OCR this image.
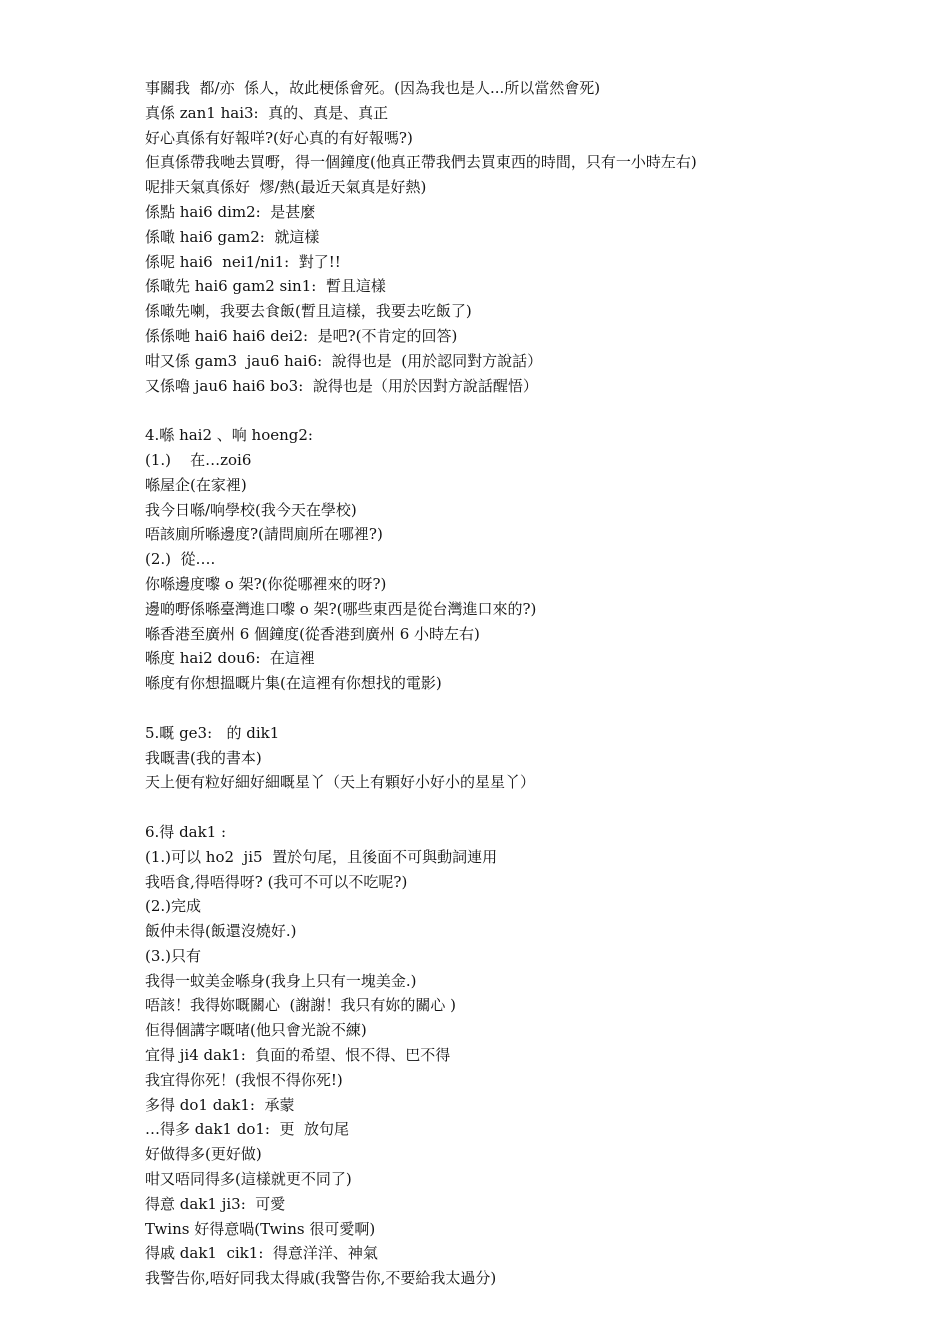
事關我  都/亦  係人，故此梗係會死。(因為我也是人...所以當然會死)
真係 zan1 hai3:  真的、真是、真正
好心真係有好報咩?(好心真的有好報嗎?)
佢真係帶我哋去買嘢，得一個鐘度(他真正帶我們去買東西的時間，只有一小時左右)
呢排天氣真係好  熮/熱(最近天氣真是好熱)
係點 hai6 dim2:  是甚麼
係噉 hai6 gam2:  就這樣
係呢 hai6  nei1/ni1:  對了!!
係噉先 hai6 gam2 sin1:  暫且這樣
係噉先喇，我要去食飯(暫且這樣，我要去吃飯了)
係係哋 hai6 hai6 dei2:  是吧?(不肯定的回答)
咁又係 gam3  jau6 hai6:  說得也是  (用於認同對方說話）
又係嚕 jau6 hai6 bo3:  說得也是（用於因對方說話醒悟）
4.喺 hai2 、响 hoeng2:
(1.)    在…zoi6
喺屋企(在家裡)
我今日喺/响學校(我今天在學校)
唔該廁所喺邊度?(請問廁所在哪裡?)
(2.)  從….
你喺邊度嚟 o 架?(你從哪裡來的呀?)
邊啲嘢係喺臺灣進口嚟 o 架?(哪些東西是從台灣進口來的?)
喺香港至廣州 6 個鐘度(從香港到廣州 6 小時左右)
喺度 hai2 dou6:  在這裡
喺度有你想搵嘅片集(在這裡有你想找的電影)
5.嘅 ge3:   的 dik1
我嘅書(我的書本)
天上便有粒好細好細嘅星丫（天上有顆好小好小的星星丫）
6.得 dak1 :
(1.)可以 ho2  ji5  置於句尾，且後面不可與動詞連用
我唔食,得唔得呀? (我可不可以不吃呢?)
(2.)完成
飯仲未得(飯還沒燒好.)
(3.)只有
我得一蚊美金喺身(我身上只有一塊美金.)
唔該！我得妳嘅關心  (謝謝！我只有妳的關心 )
佢得個講字嘅啫(他只會光說不練)
宜得 ji4 dak1:  負面的希望、恨不得、巴不得
我宜得你死！(我恨不得你死!)
多得 do1 dak1:  承蒙
…得多 dak1 do1:  更  放句尾
好做得多(更好做)
咁又唔同得多(這樣就更不同了)
得意 dak1 ji3:  可愛
Twins 好得意喎(Twins 很可愛啊)
得戚 dak1  cik1:  得意洋洋、神氣
我警告你,唔好同我太得戚(我警告你,不要給我太過分)
